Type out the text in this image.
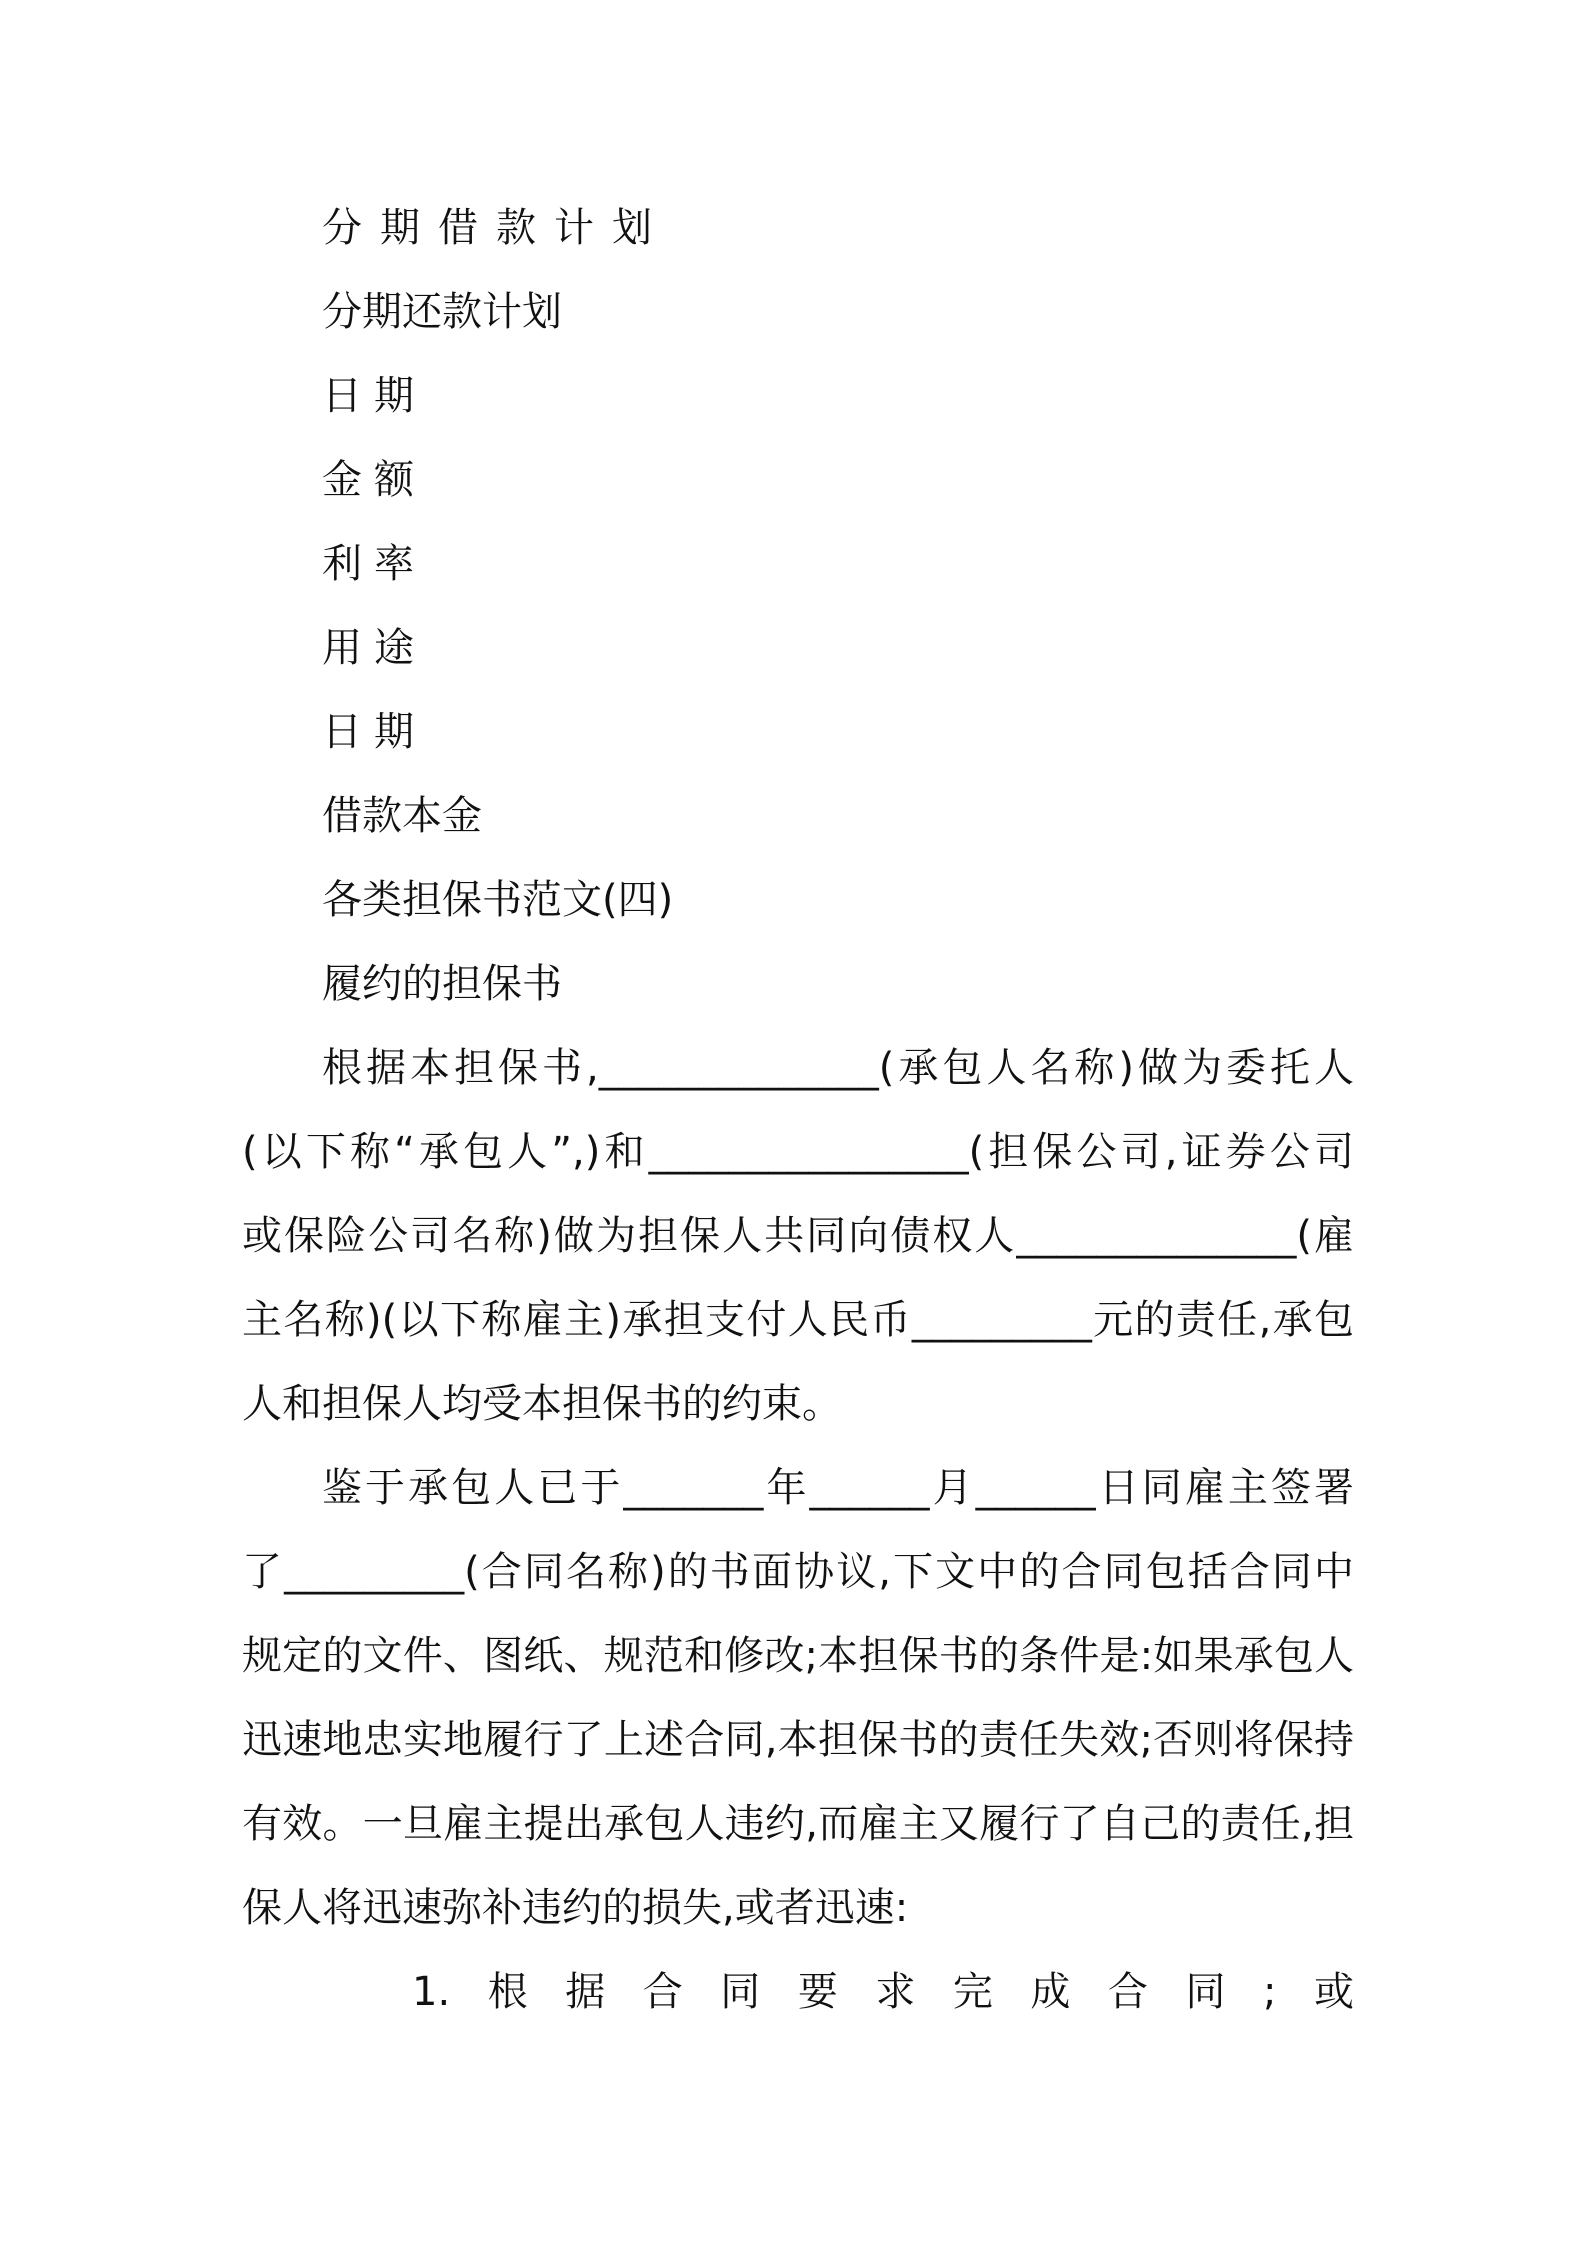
分期借款计划

分期还款计划

日期

金额

利率

用途

日期

借款本金

各类担保书范文(四)

履约的担保书

根据本担保书,______________(承包人名称)做为委托人

(以下称“承包人”,)和________________(担保公司,证券公司

或保险公司名称)做为担保人共同向债权人______________(雇

主名称)(以下称雇主)承担支付人民币_________元的责任,承包

人和担保人均受本担保书的约束。

鉴于承包人已于_______年______月______日同雇主签署

了_________(合同名称)的书面协议,下文中的合同包括合同中

规定的文件、图纸、规范和修改;本担保书的条件是:如果承包人

迅速地忠实地履行了上述合同,本担保书的责任失效;否则将保持

有效。一旦雇主提出承包人违约,而雇主又履行了自己的责任,担

保人将迅速弥补违约的损失,或者迅速:

1.根据合同要求完成合同;或
